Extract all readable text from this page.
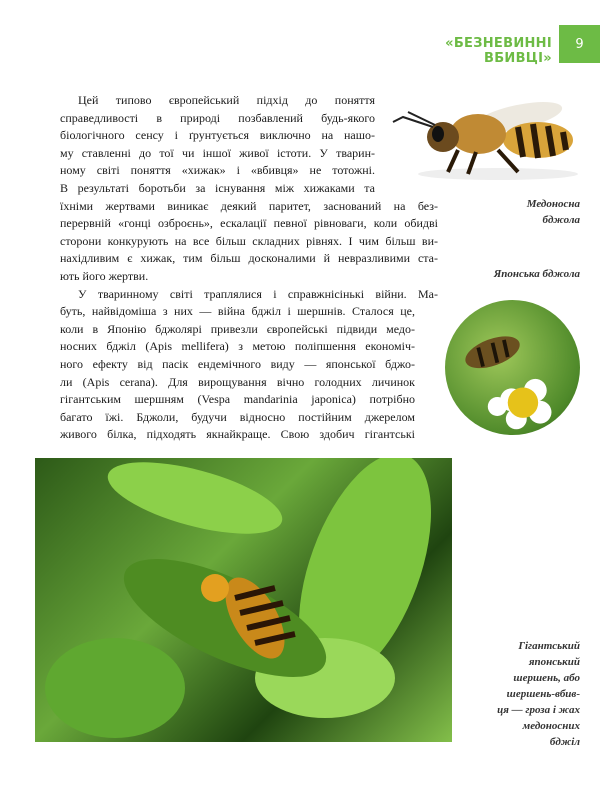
«БЕЗНЕВИННІ ВБИВЦІ»
9
Цей типово європейський підхід до поняття
справедливості в природі позбавлений будь-якого
біологічного сенсу і ґрунтується виключно на нашо-
му ставленні до тої чи іншої живої істоти. У тварин-
ному світі поняття «хижак» і «вбивця» не тотожні.
В результаті боротьби за існування між хижаками та
їхніми жертвами виникає деякий паритет, заснований на без-
перервній «гонці озброєнь», ескалації певної рівноваги, коли обидві
сторони конкурують на все більш складних рівнях. І чим більш ви-
нахідливим є хижак, тим більш досконалими й невразливими ста-
ють його жертви.
У тваринному світі траплялися і справжнісінькі війни. Ма-
буть, найвідоміша з них — війна бджіл і шершнів. Сталося це,
коли в Японію бджолярі привезли європейські підвиди медо-
носних бджіл (Apis mellifera) з метою поліпшення економіч-
ного ефекту від пасік ендемічного виду — японської бджо-
ли (Apis cerana). Для вирощування вічно голодних личинок
гігантським шершням (Vespa mandarinia japonica) потрібно
багато їжі. Бджоли, будучи відносно постійним джерелом
живого білка, підходять якнайкраще. Свою здобич гігантські
Медоносна
бджола
Японська бджола
Гігантський
японський
шершень, або
шершень-вбив-
ця — гроза і жах
медоносних
бджіл
